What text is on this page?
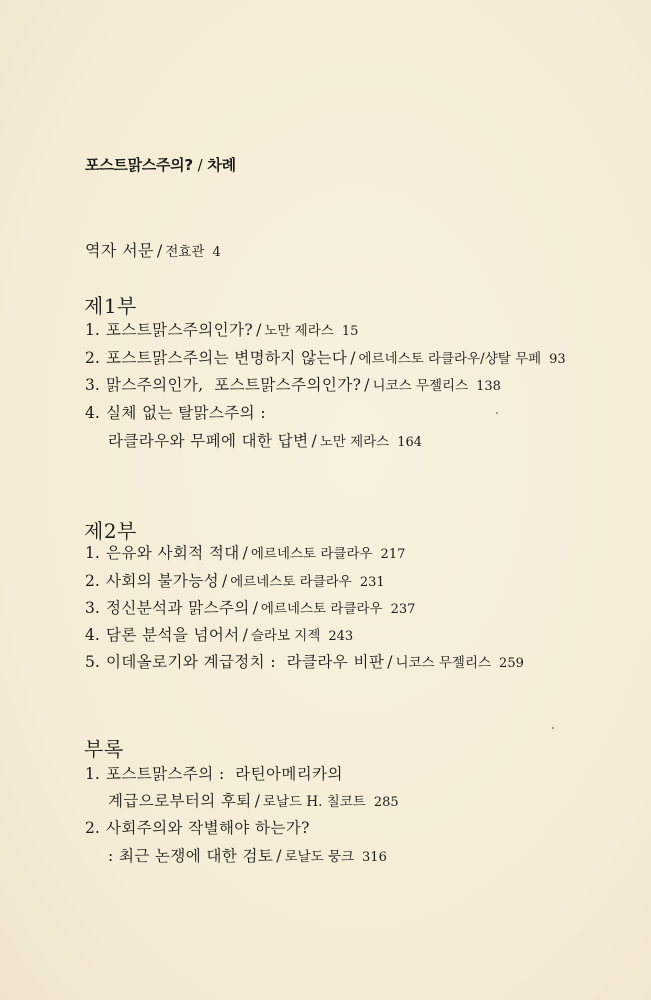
포스트맑스주의? / 차례
역자 서문 / 전효관 4
제1부
1. 포스트맑스주의인가? / 노만 제라스 15
2. 포스트맑스주의는 변명하지 않는다 / 에르네스토 라클라우/샹탈 무페 93
3. 맑스주의인가,  포스트맑스주의인가? / 니코스 무젤리스 138
4. 실체 없는 탈맑스주의 :
라클라우와 무페에 대한 답변 / 노만 제라스 164
제2부
1. 은유와 사회적 적대 / 에르네스토 라클라우 217
2. 사회의 불가능성 / 에르네스토 라클라우 231
3. 정신분석과 맑스주의 / 에르네스토 라클라우 237
4. 담론 분석을 넘어서 / 슬라보 지젝 243
5. 이데올로기와 계급정치 :  라클라우 비판 / 니코스 무젤리스 259
부록
1. 포스트맑스주의 :  라틴아메리카의
계급으로부터의 후퇴 / 로날드 H. 칠코트 285
2. 사회주의와 작별해야 하는가?
: 최근 논쟁에 대한 검토 / 로날도 뭉크 316
